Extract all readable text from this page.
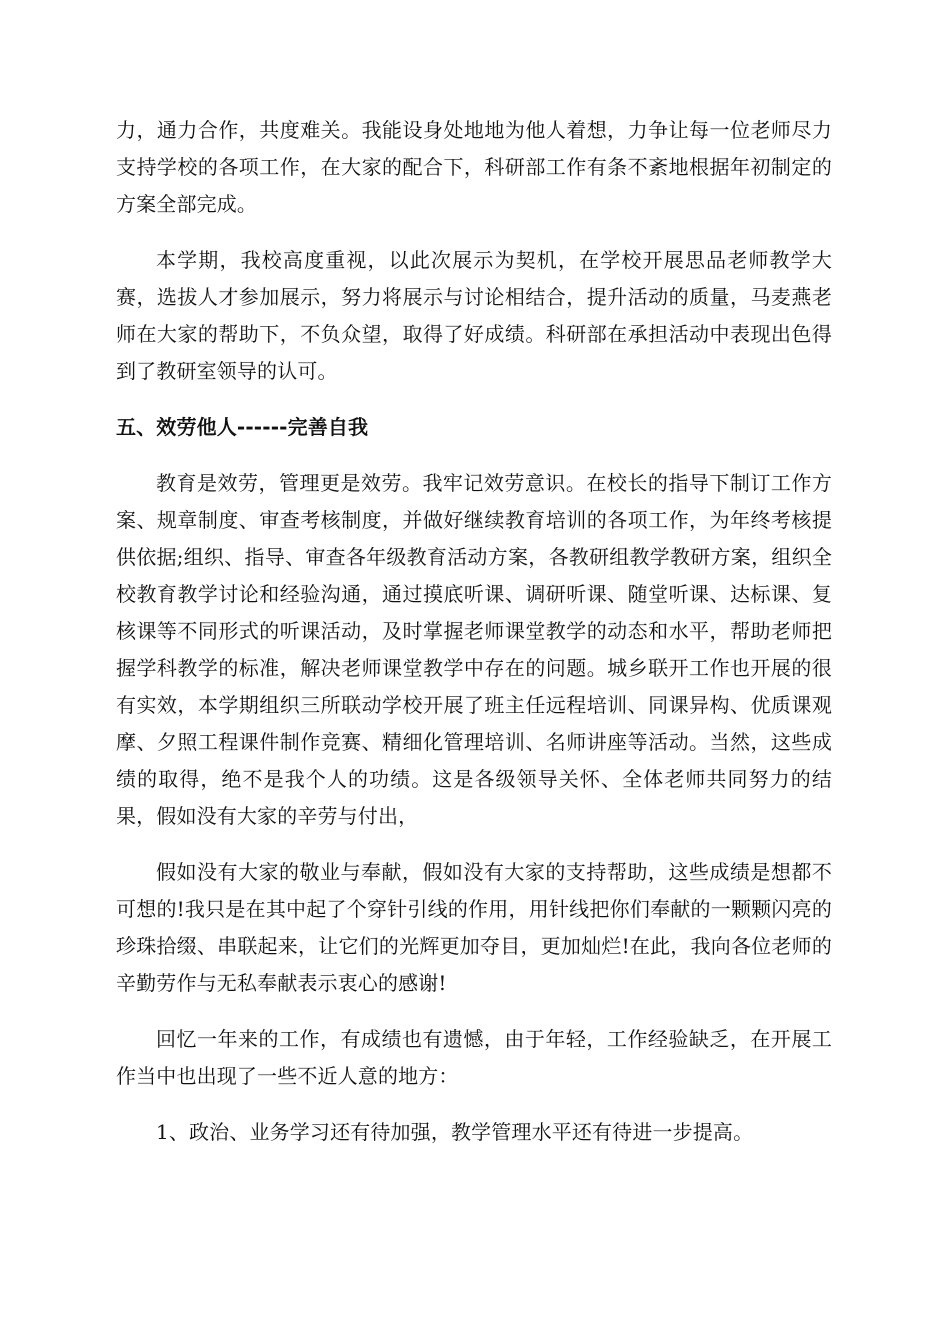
力，通力合作，共度难关。我能设身处地地为他人着想，力争让每一位老师尽力支持学校的各项工作，在大家的配合下，科研部工作有条不紊地根据年初制定的方案全部完成。

本学期，我校高度重视，以此次展示为契机，在学校开展思品老师教学大赛，选拔人才参加展示，努力将展示与讨论相结合，提升活动的质量，马麦燕老师在大家的帮助下，不负众望，取得了好成绩。科研部在承担活动中表现出色得到了教研室领导的认可。

五、效劳他人------完善自我

教育是效劳，管理更是效劳。我牢记效劳意识。在校长的指导下制订工作方案、规章制度、审查考核制度，并做好继续教育培训的各项工作，为年终考核提供依据;组织、指导、审查各年级教育活动方案，各教研组教学教研方案，组织全校教育教学讨论和经验沟通，通过摸底听课、调研听课、随堂听课、达标课、复核课等不同形式的听课活动，及时掌握老师课堂教学的动态和水平，帮助老师把握学科教学的标准，解决老师课堂教学中存在的问题。城乡联开工作也开展的很有实效，本学期组织三所联动学校开展了班主任远程培训、同课异构、优质课观摩、夕照工程课件制作竞赛、精细化管理培训、名师讲座等活动。当然，这些成绩的取得，绝不是我个人的功绩。这是各级领导关怀、全体老师共同努力的结果，假如没有大家的辛劳与付出，

假如没有大家的敬业与奉献，假如没有大家的支持帮助，这些成绩是想都不可想的!我只是在其中起了个穿针引线的作用，用针线把你们奉献的一颗颗闪亮的珍珠拾缀、串联起来，让它们的光辉更加夺目，更加灿烂!在此，我向各位老师的辛勤劳作与无私奉献表示衷心的感谢!

回忆一年来的工作，有成绩也有遗憾，由于年轻，工作经验缺乏，在开展工作当中也出现了一些不近人意的地方：

1、政治、业务学习还有待加强，教学管理水平还有待进一步提高。
